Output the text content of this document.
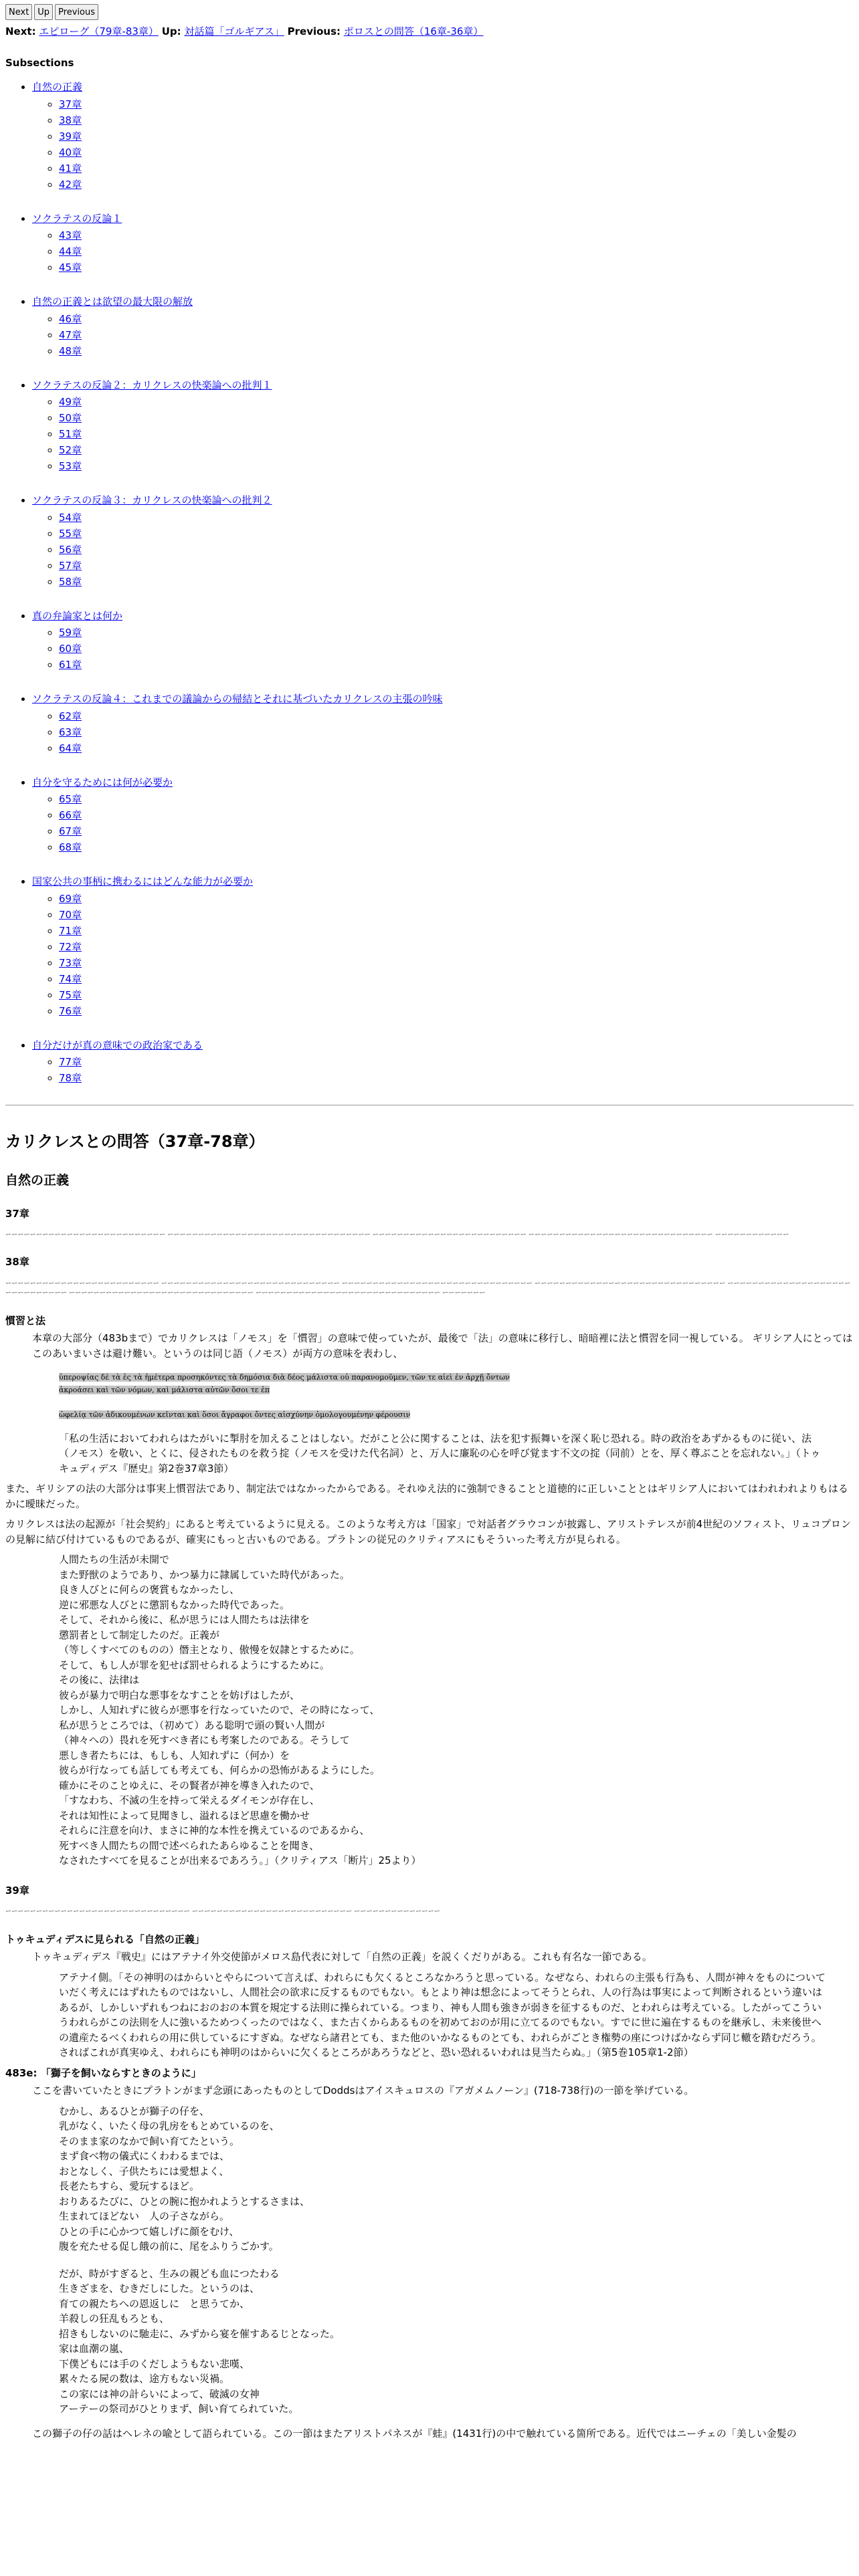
Next	Up	Previous
Next: エピローグ（79章-83章） Up: 対話篇「ゴルギアス」 Previous: ポロスとの問答（16章-36章）
Subsections
• 自然の正義
◦ 37章
◦ 38章
◦ 39章
◦ 40章
◦ 41章
◦ 42章
• ソクラテスの反論１
◦ 43章
◦ 44章
◦ 45章
• 自然の正義とは欲望の最大限の解放
◦ 46章
◦ 47章
◦ 48章
• ソクラテスの反論２：カリクレスの快楽論への批判１
◦ 49章
◦ 50章
◦ 51章
◦ 52章
◦ 53章
• ソクラテスの反論３：カリクレスの快楽論への批判２
◦ 54章
◦ 55章
◦ 56章
◦ 57章
◦ 58章
• 真の弁論家とは何か
◦ 59章
◦ 60章
◦ 61章
• ソクラテスの反論４：これまでの議論からの帰結とそれに基づいたカリクレスの主張の吟味
◦ 62章
◦ 63章
◦ 64章
• 自分を守るためには何が必要か
◦ 65章
◦ 66章
◦ 67章
◦ 68章
• 国家公共の事柄に携わるにはどんな能力が必要か
◦ 69章
◦ 70章
◦ 71章
◦ 72章
◦ 73章
◦ 74章
◦ 75章
◦ 76章
• 自分だけが真の意味での政治家である
◦ 77章
◦ 78章
カリクレスとの問答（37章-78章）
自然の正義
37章

ーーーーーーーーーーーーーーーーーーーーーーーーーー ーーーーーーーーーーーーーーーーーーーーーーーーーーーーーーーーー ーーーーーーーーーーーーーーーーーーーーーーーーー ーーーーーーーーーーーーーーーーーーーーーーーーーーーーーー ーーーーーーーーーーーー

38章

ーーーーーーーーーーーーーーーーーーーーーーーーー ーーーーーーーーーーーーーーーーーーーーーーーーーーーーー ーーーーーーーーーーーーーーーーーーーーーーーーーーーーーーー ーーーーーーーーーーーーーーーーーーーーーーーーーーーーーーー ーーーーーーーーーーーーーーーーーーーーーーーーーーーーーー ーーーーーーーーーーーーーーーーーーーーーーーーーーーーーー ーーーーーーーーーーーーーーーーーーーーーーーーーーーーーー ーーーーーーー

慣習と法

本章の大部分（483bまで）でカリクレスは「ノモス」を「慣習」の意味で使っていたが、最後で「法」の意味に移行し、暗暗裡に法と慣習を同一視している。 ギリシア人にとってはこのあいまいさは避け難い。というのは同じ語（ノモス）が両方の意味を表わし、

ὑπεροψίας δὲ τὰ ἐς τὰ ἡμέτερα προσηκόντες τὰ δημόσια διὰ δέος μάλιστα οὐ παρανομοῦμεν, τῶν τε αἰεὶ ἐν ἀρχῇ ὄντων ἀκροάσει καὶ τῶν νόμων, καὶ μάλιστα αὐτῶν ὅσοι τε ἐπ

ὠφελίᾳ τῶν ἀδικουμένων κεῖνται καὶ ὅσοι ἄγραφοι ὄντες αἰσχύνην ὁμολογουμένην φέρουσιν

「私の生活においてわれらはたがいに掣肘を加えることはしない。だがこと公に関することは、法を犯す振舞いを深く恥じ恐れる。時の政治をあずかるものに従い、法（ノモス）を敬い、とくに、侵されたものを救う掟（ノモスを受けた代名詞）と、万人に廉恥の心を呼び覚ます不文の掟（同前）とを、厚く尊ぶことを忘れない。」（トゥキュディデス『歴史』第2巻37章3節）

また、ギリシアの法の大部分は事実上慣習法であり、制定法ではなかったからである。それゆえ法的に強制できることと道徳的に正しいこととはギリシア人においてはわれわれよりもはるかに曖昧だった。

カリクレスは法の起源が「社会契約」にあると考えているように見える。このような考え方は「国家」で対話者グラウコンが披露し、アリストテレスが前4世紀のソフィスト、リュコプロンの見解に結び付けているものであるが、確実にもっと古いものである。プラトンの従兄のクリティアスにもそういった考え方が見られる。

人間たちの生活が未開で
また野獣のようであり、かつ暴力に隷属していた時代があった。
良き人びとに何らの褒賞もなかったし、
逆に邪悪な人びとに懲罰もなかった時代であった。
そして、それから後に、私が思うには人間たちは法律を
懲罰者として制定したのだ。正義が
（等しくすべてのものの）僭主となり、傲慢を奴隷とするために。
そして、もし人が罪を犯せば罰せられるようにするために。
その後に、法律は
彼らが暴力で明白な悪事をなすことを妨げはしたが、
しかし、人知れずに彼らが悪事を行なっていたので、その時になって、
私が思うところでは、（初めて）ある聡明で頭の賢い人間が
（神々への）畏れを死すべき者にも考案したのである。そうして
悪しき者たちには、もしも、人知れずに（何か）を
彼らが行なっても話しても考えても、何らかの恐怖があるようにした。
確かにそのことゆえに、その賢者が神を導き入れたので、
「すなわち、不滅の生を持って栄えるダイモンが存在し、
それは知性によって見聞きし、溢れるほど思慮を働かせ
それらに注意を向け、まさに神的な本性を携えているのであるから、
死すべき人間たちの間で述べられたあらゆることを聞き、
なされたすべてを見ることが出来るであろう。」（クリティアス「断片」25より）
39章

ーーーーーーーーーーーーーーーーーーーーーーーーーーーーーー ーーーーーーーーーーーーーーーーーーーーーーーーーー ーーーーーーーーーーーーーー

トゥキュディデスに見られる「自然の正義」

トゥキュディデス『戦史』にはアテナイ外交使節がメロス島代表に対して「自然の正義」を説くくだりがある。これも有名な一節である。

アテナイ側。「その神明のはからいとやらについて言えば、われらにも欠くるところなかろうと思っている。なぜなら、われらの主張も行為も、人間が神々をものについていだく考えにはずれたものではないし、人間社会の欲求に反するものでもない。もとより神は想念によってそうとられ、人の行為は事実によって判断されるという違いはあるが、しかしいずれもつねにおのおの本質を規定する法則に操られている。つまり、神も人間も強きが弱きを征するものだ、とわれらは考えている。したがってこういうわれらがこの法則を人に強いるためつくったのではなく、また古くからあるものを初めておのが用に立てるのでもない。すでに世に遍在するものを継承し、未来後世への遺産たるべくわれらの用に供しているにすぎぬ。なぜなら諸君とても、また他のいかなるものとても、われらがごとき権勢の座につけばかならず同じ轍を踏むだろう。さればこれが真実ゆえ、われらにも神明のはからいに欠くるところがあろうなどと、恐い恐れるいわれは見当たらぬ。」（第5巻105章1-2節）

483e: 「獅子を飼いならすときのように」

ここを書いていたときにプラトンがまず念頭にあったものとしてDoddsはアイスキュロスの『アガメムノーン』(718-738行)の一節を挙げている。

むかし、あるひとが獅子の仔を、
乳がなく、いたく母の乳房をもとめているのを、
そのまま家のなかで飼い育てたという。
まず食べ物の儀式にくわわるまでは、
おとなしく、子供たちには愛想よく、
長老たちすら、愛玩するほど。
おりあるたびに、ひとの腕に抱かれようとするさまは、
生まれてほどない　人の子さながら。
ひとの手に心かつて嬉しげに顔をむけ、
腹を充たせる促し餓の前に、尾をふりうごかす。
だが、時がすぎると、生みの親ども血につたわる
生きざまを、むきだしにした。というのは、
育ての親たちへの恩返しに　と思うてか、
羊殺しの狂乱もろとも、
招きもしないのに馳走に、みずから宴を催すあるじとなった。
家は血潮の嵐、
下僕どもには手のくだしようもない悲嘆、
累々たる屍の数は、途方もない災禍。
この家には神の計らいによって、破滅の女神
アーテーの祭司がひとりまず、飼い育てられていた。

この獅子の仔の話はヘレネの喩として語られている。この一節はまたアリストパネスが『蛙』(1431行)の中で触れている箇所である。近代ではニーチェの「美しい金髪の
